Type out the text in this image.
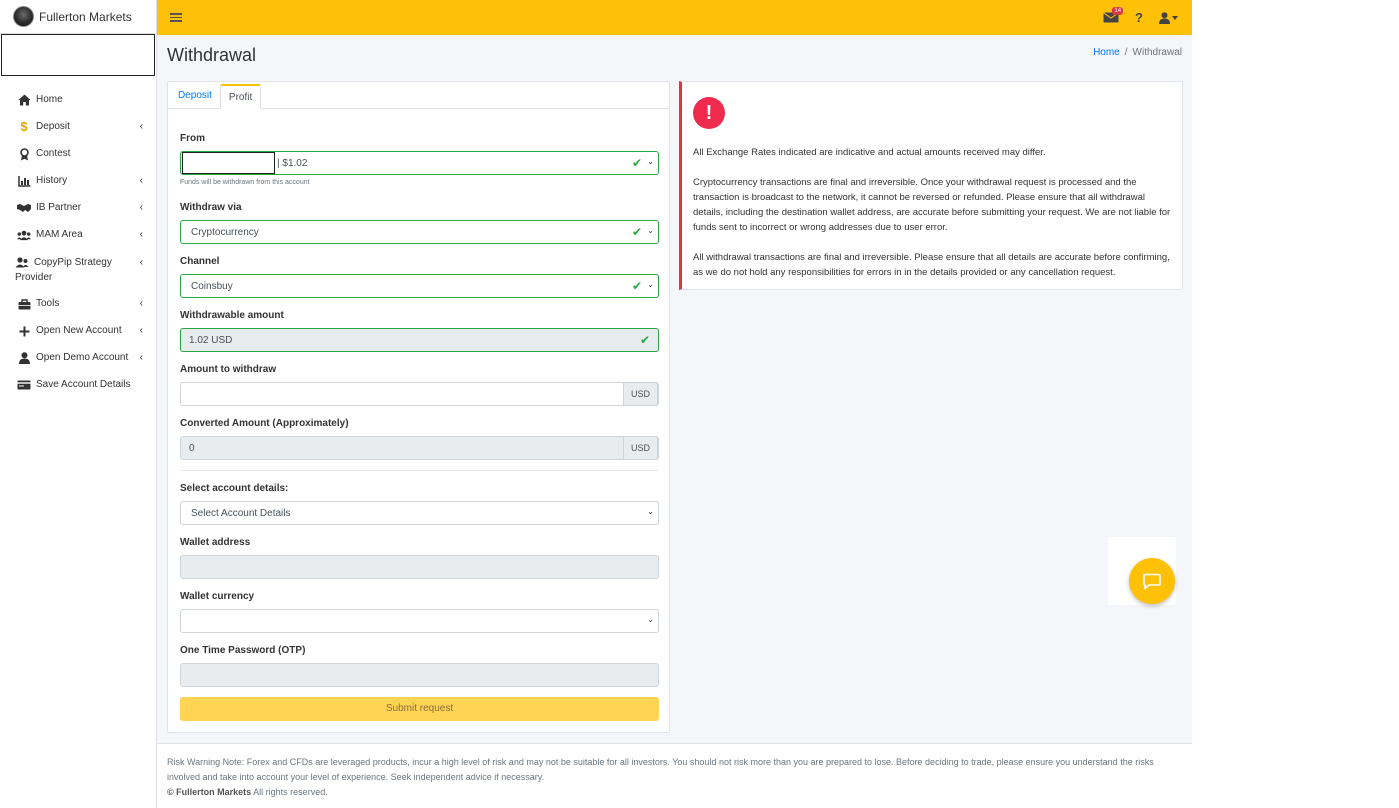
Fullerton Markets
Home
$ Deposit	‹
Contest
History	‹
IB Partner	‹
MAM Area	‹
CopyPip Strategy Provider
‹
Tools	‹
Open New Account	‹
Open Demo Account	‹
Save Account Details
14 ?
Withdrawal	Home / Withdrawal
Deposit	Profit
From
| $1.02	✔ ⌄
Funds will be withdrawn from this account
Withdraw via
Cryptocurrency	✔ ⌄
Channel
Coinsbuy	✔ ⌄
Withdrawable amount
1.02 USD	✔
Amount to withdraw
USD
Converted Amount (Approximately)
0	USD
Select account details:
Select Account Details	⌄
Wallet address
Wallet currency
⌄
One Time Password (OTP)
Submit request
!

All Exchange Rates indicated are indicative and actual amounts received may differ.

Cryptocurrency transactions are final and irreversible. Once your withdrawal request is processed and the transaction is broadcast to the network, it cannot be reversed or refunded. Please ensure that all withdrawal details, including the destination wallet address, are accurate before submitting your request. We are not liable for funds sent to incorrect or wrong addresses due to user error.

All withdrawal transactions are final and irreversible. Please ensure that all details are accurate before confirming, as we do not hold any responsibilities for errors in in the details provided or any cancellation request.

Risk Warning Note: Forex and CFDs are leveraged products, incur a high level of risk and may not be suitable for all investors. You should not risk more than you are prepared to lose. Before deciding to trade, please ensure you understand the risks involved and take into account your level of experience. Seek independent advice if necessary.
© Fullerton Markets All rights reserved.
